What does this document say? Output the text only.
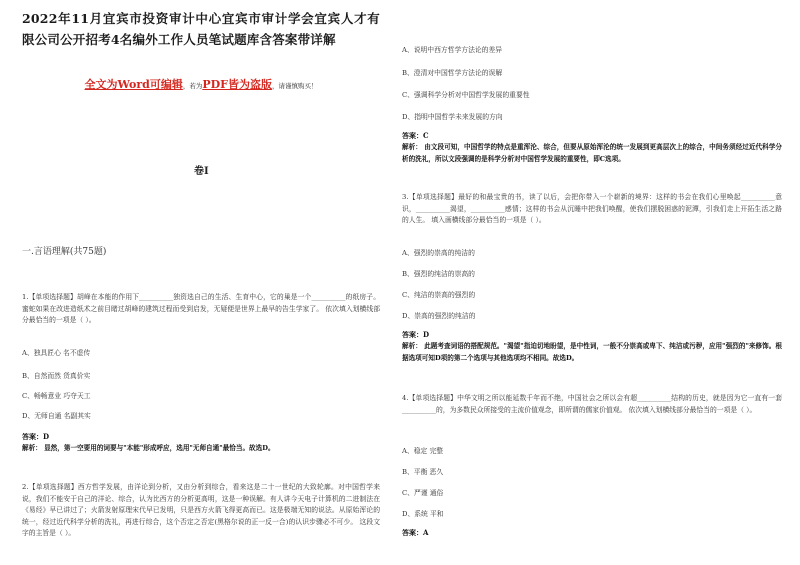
2022年11月宜宾市投资审计中心宜宾市审计学会宜宾人才有限公司公开招考4名编外工作人员笔试题库含答案带详解
全文为Word可编辑，若为PDF皆为盗版，请谨慎购买！
卷I
一.言语理解(共75题)
1.【单项选择题】胡峰在本能的作用下__________独资选自己的生活、生育中心，它的巢是一个__________的纸房子。蜜蛇如果在改进造纸术之前目睹过胡峰的建筑过程而受到启发，无疑便是世界上最早的告生学家了。 依次填入划横线部分最恰当的一项是（ ）。
A、独具匠心 名不虚传
B、自然而然 货真价实
C、畅畅意业 巧夺天工
D、无师自通 名副其实
答案：D
解析： 显然，第一空要用的词要与"本能"形成呼应，选用"无师自通"最恰当。故选D。
2.【单项选择题】西方哲学发展，由洋论到分析，又由分析到综合，看来这是二十一世纪的大致轮廓。对中国哲学来说，我们不能安于自己的洋论、综合，认为比西方的分析更高明，这是一种误解。有人讲今天电子计算机的二进制法在《易经》早已讲过了；火箭发射原理宋代早已发明，只是西方火箭飞得更高而已。这是极端无知的说法。从原始浑论的统一，经过近代科学分析的洗礼，再进行综合，这个否定之否定(黑格尔说的正一反一合)的认识步骤必不可少。 这段文字的主旨是（ ）。
A、说明中西方哲学方法论的差异
B、澄清对中国哲学方法论的误解
C、强调科学分析对中国哲学发展的重要性
D、指明中国哲学未来发展的方向
答案：C
解析： 由文段可知，中国哲学的特点是重浑沦、综合，但要从原始浑沦的统一发展到更高层次上的综合，中间务须经过近代科学分析的洗礼，所以文段强调的是科学分析对中国哲学发展的重要性，即C选项。
3.【单项选择题】最好的和最宝贵的书，读了以后，会把你带入一个崭新的境界：这样的书会在我们心里唤起__________意识，__________渴望，__________感情；这样的书会从沉睡中把我们唤醒，使我们摆脱困惑的泥潭，引我们走上开拓生活之路的人生。 填入画横线部分最恰当的一项是（ ）。
A、强烈的崇高的纯洁的
B、强烈的纯洁的崇高的
C、纯洁的崇高的强烈的
D、崇高的强烈的纯洁的
答案：D
解析： 此题考查词语的搭配规范。"渴望"指迫切地盼望，是中性词，一般不分崇高或卑下、纯洁或污秽，应用"强烈的"来修饰。根据选项可知D项的第二个选项与其他选项均不相同。故选D。
4.【单项选择题】中华文明之所以能延数千年而不绝，中国社会之所以会有超__________结构的历史，就是因为它一直有一套__________的，为多数民众所接受的主流价值观念，即所谓的儒家价值观。 依次填入划横线部分最恰当的一项是（ ）。
A、稳定 完整
B、平衡 恶久
C、严谨 通俗
D、系统 平和
答案：A
